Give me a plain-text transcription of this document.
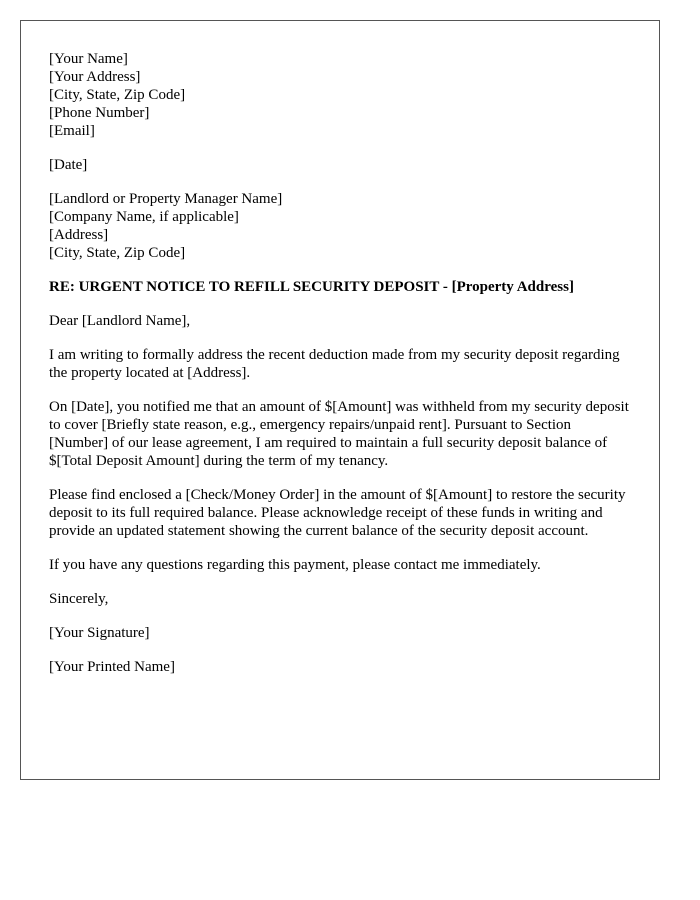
[Your Name]
[Your Address]
[City, State, Zip Code]
[Phone Number]
[Email]
[Date]
[Landlord or Property Manager Name]
[Company Name, if applicable]
[Address]
[City, State, Zip Code]
RE: URGENT NOTICE TO REFILL SECURITY DEPOSIT - [Property Address]
Dear [Landlord Name],

I am writing to formally address the recent deduction made from my security deposit regarding the property located at [Address].

On [Date], you notified me that an amount of $[Amount] was withheld from my security deposit to cover [Briefly state reason, e.g., emergency repairs/unpaid rent]. Pursuant to Section [Number] of our lease agreement, I am required to maintain a full security deposit balance of $[Total Deposit Amount] during the term of my tenancy.

Please find enclosed a [Check/Money Order] in the amount of $[Amount] to restore the security deposit to its full required balance. Please acknowledge receipt of these funds in writing and provide an updated statement showing the current balance of the security deposit account.

If you have any questions regarding this payment, please contact me immediately.

Sincerely,
[Your Signature]
[Your Printed Name]
